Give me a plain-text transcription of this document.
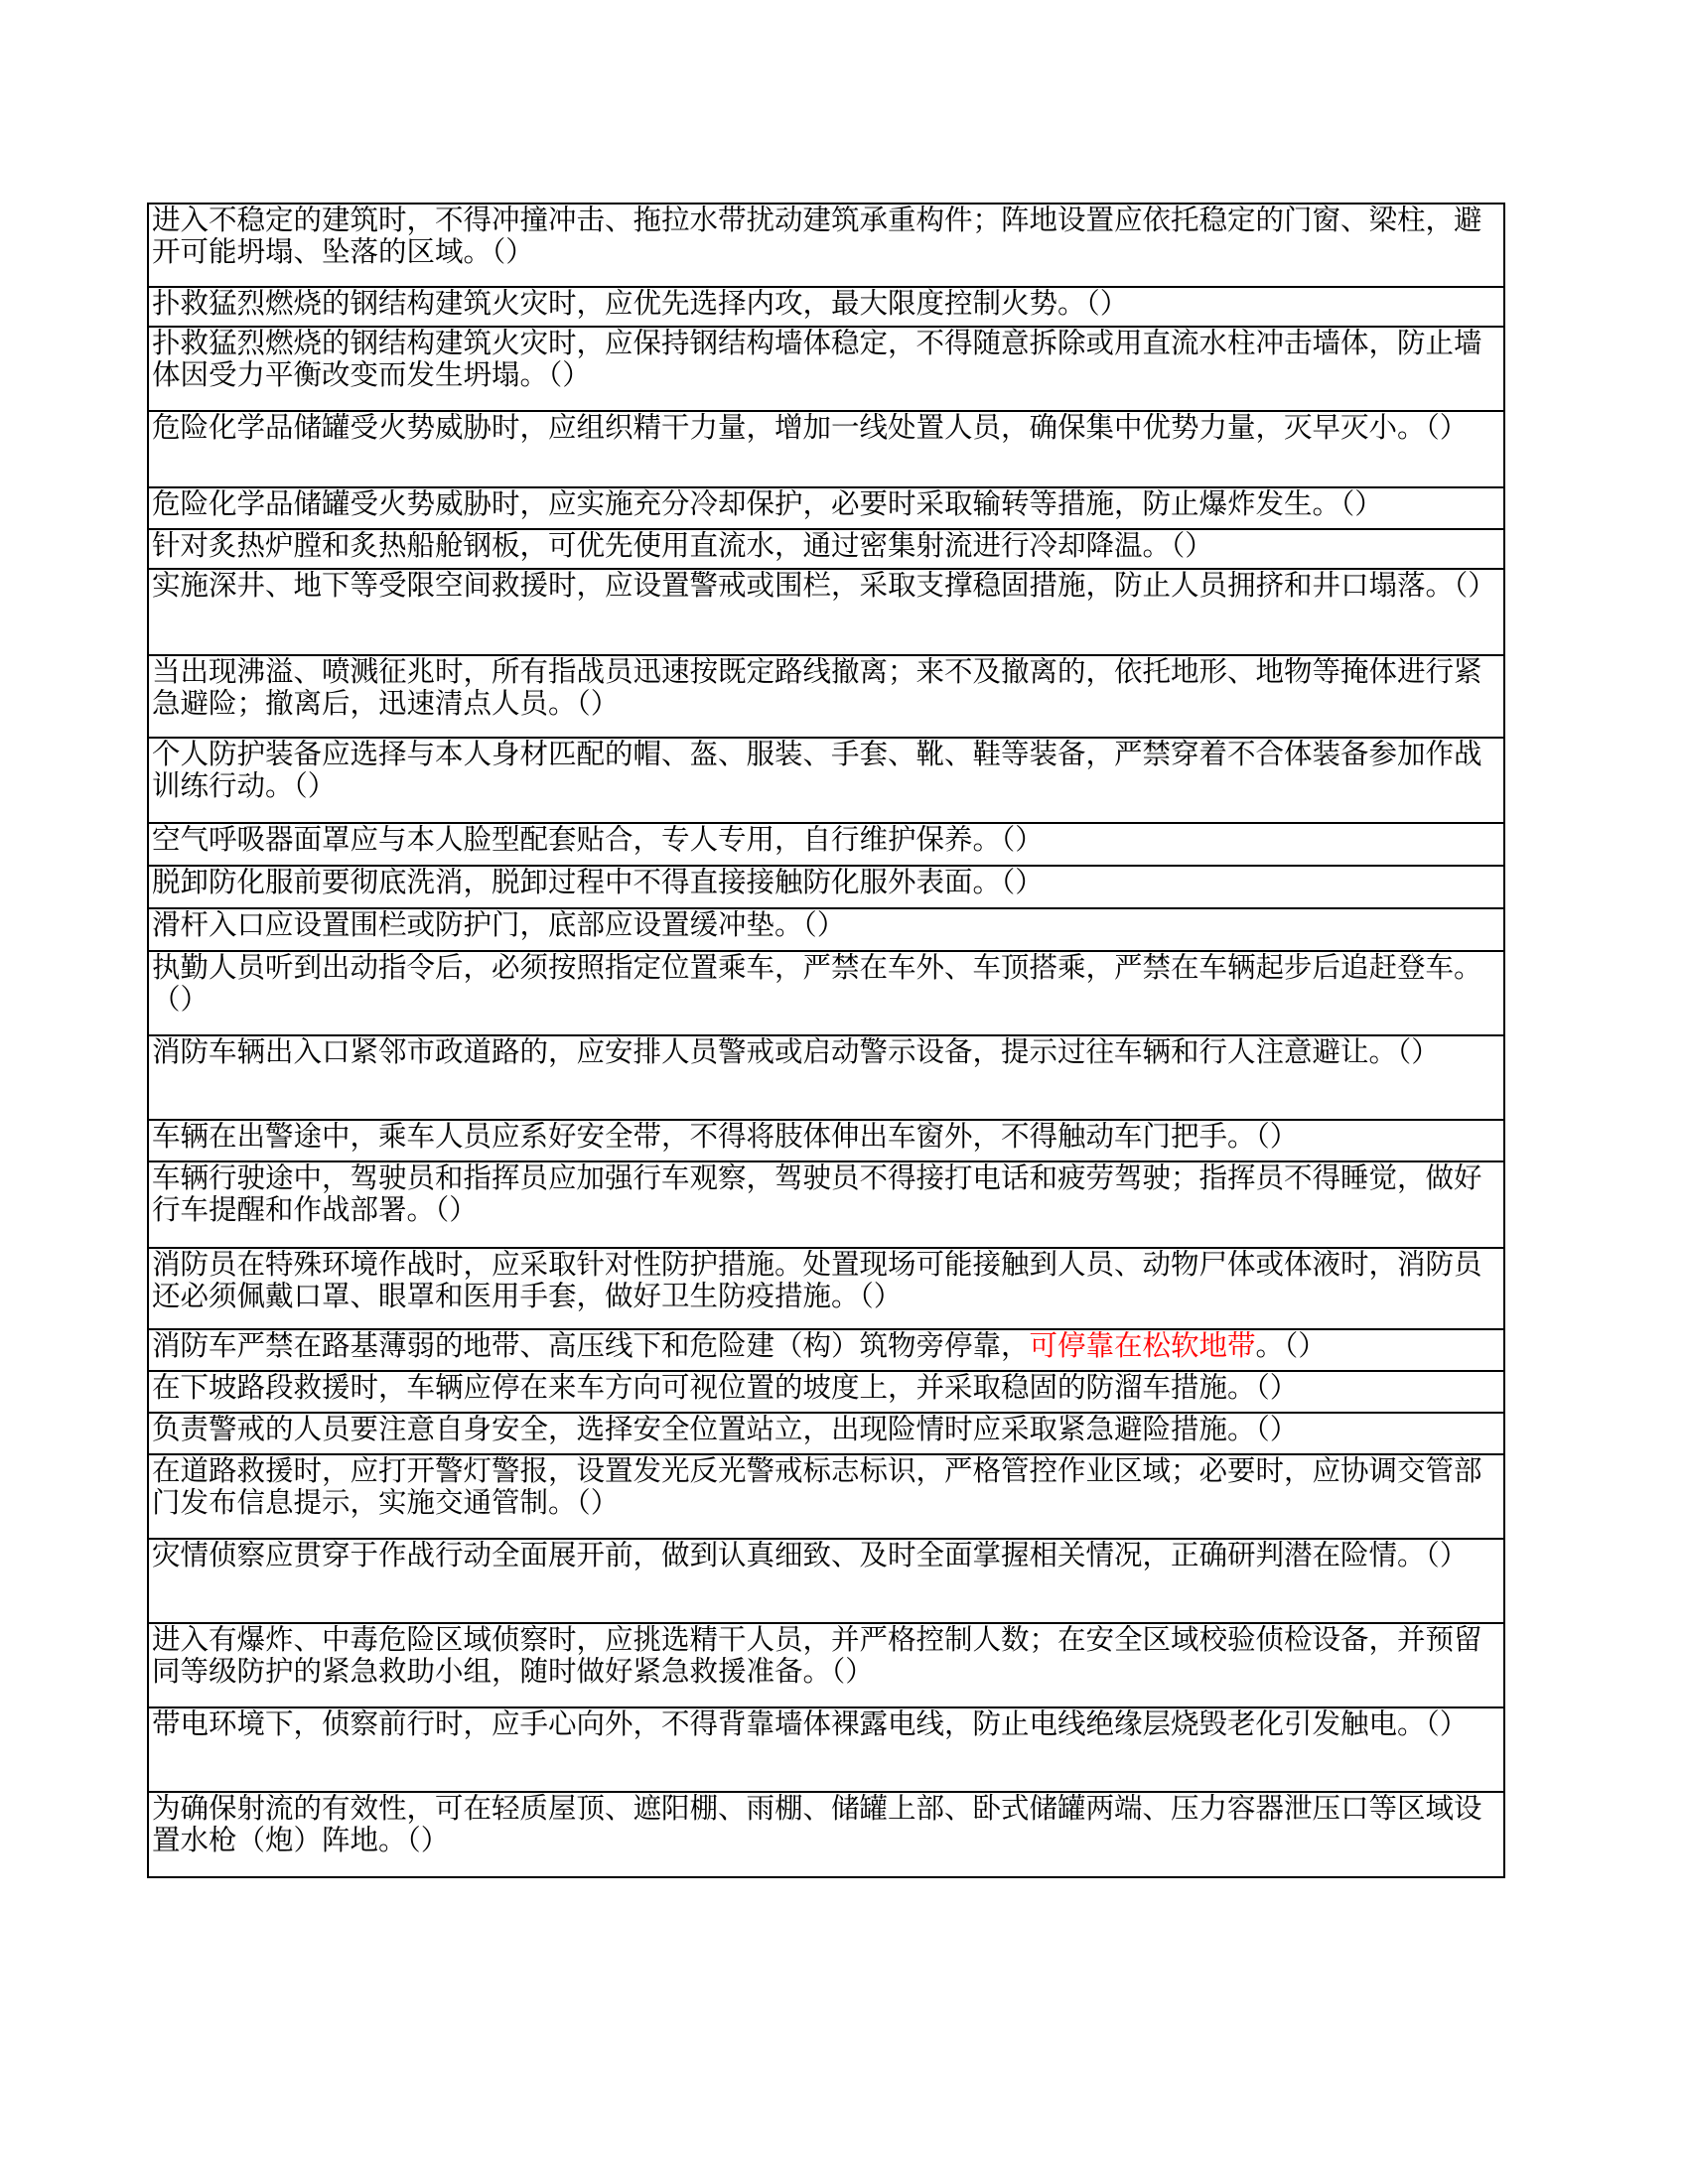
进入不稳定的建筑时，不得冲撞冲击、拖拉水带扰动建筑承重构件；阵地设置应依托稳定的门窗、梁柱，避开可能坍塌、坠落的区域。（）

扑救猛烈燃烧的钢结构建筑火灾时，应优先选择内攻，最大限度控制火势。（）

扑救猛烈燃烧的钢结构建筑火灾时，应保持钢结构墙体稳定，不得随意拆除或用直流水柱冲击墙体，防止墙体因受力平衡改变而发生坍塌。（）

危险化学品储罐受火势威胁时，应组织精干力量，增加一线处置人员，确保集中优势力量，灭早灭小。（）

危险化学品储罐受火势威胁时，应实施充分冷却保护，必要时采取输转等措施，防止爆炸发生。（）

针对炙热炉膛和炙热船舱钢板，可优先使用直流水，通过密集射流进行冷却降温。（）

实施深井、地下等受限空间救援时，应设置警戒或围栏，采取支撑稳固措施，防止人员拥挤和井口塌落。（）

当出现沸溢、喷溅征兆时，所有指战员迅速按既定路线撤离；来不及撤离的，依托地形、地物等掩体进行紧急避险；撤离后，迅速清点人员。（）

个人防护装备应选择与本人身材匹配的帽、盔、服装、手套、靴、鞋等装备，严禁穿着不合体装备参加作战训练行动。（）

空气呼吸器面罩应与本人脸型配套贴合，专人专用，自行维护保养。（）

脱卸防化服前要彻底洗消，脱卸过程中不得直接接触防化服外表面。（）

滑杆入口应设置围栏或防护门，底部应设置缓冲垫。（）

执勤人员听到出动指令后，必须按照指定位置乘车，严禁在车外、车顶搭乘，严禁在车辆起步后追赶登车。（）

消防车辆出入口紧邻市政道路的，应安排人员警戒或启动警示设备，提示过往车辆和行人注意避让。（）

车辆在出警途中，乘车人员应系好安全带，不得将肢体伸出车窗外，不得触动车门把手。（）

车辆行驶途中，驾驶员和指挥员应加强行车观察，驾驶员不得接打电话和疲劳驾驶；指挥员不得睡觉，做好行车提醒和作战部署。（）

消防员在特殊环境作战时，应采取针对性防护措施。处置现场可能接触到人员、动物尸体或体液时，消防员还必须佩戴口罩、眼罩和医用手套，做好卫生防疫措施。（）

消防车严禁在路基薄弱的地带、高压线下和危险建（构）筑物旁停靠，可停靠在松软地带。（）

在下坡路段救援时，车辆应停在来车方向可视位置的坡度上，并采取稳固的防溜车措施。（）

负责警戒的人员要注意自身安全，选择安全位置站立，出现险情时应采取紧急避险措施。（）

在道路救援时，应打开警灯警报，设置发光反光警戒标志标识，严格管控作业区域；必要时，应协调交管部门发布信息提示，实施交通管制。（）

灾情侦察应贯穿于作战行动全面展开前，做到认真细致、及时全面掌握相关情况，正确研判潜在险情。（）

进入有爆炸、中毒危险区域侦察时，应挑选精干人员，并严格控制人数；在安全区域校验侦检设备，并预留同等级防护的紧急救助小组，随时做好紧急救援准备。（）

带电环境下，侦察前行时，应手心向外，不得背靠墙体裸露电线，防止电线绝缘层烧毁老化引发触电。（）

为确保射流的有效性，可在轻质屋顶、遮阳棚、雨棚、储罐上部、卧式储罐两端、压力容器泄压口等区域设置水枪（炮）阵地。（）
